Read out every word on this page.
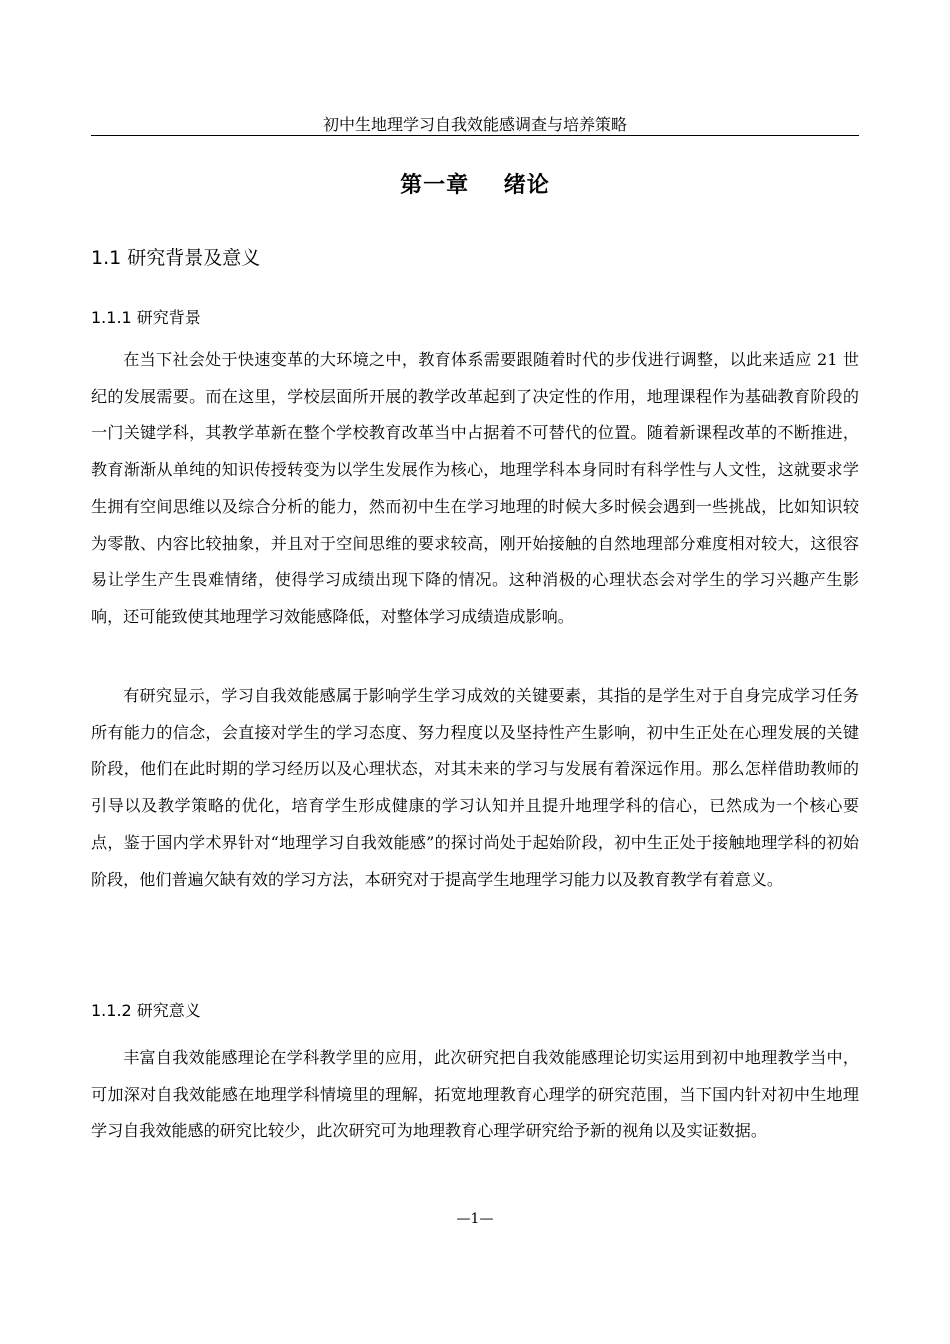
初中生地理学习自我效能感调查与培养策略
第一章    绪论
1.1 研究背景及意义
1.1.1 研究背景

在当下社会处于快速变革的大环境之中，教育体系需要跟随着时代的步伐进行调整，以此来适应 21 世纪的发展需要。而在这里，学校层面所开展的教学改革起到了决定性的作用，地理课程作为基础教育阶段的一门关键学科，其教学革新在整个学校教育改革当中占据着不可替代的位置。随着新课程改革的不断推进，教育渐渐从单纯的知识传授转变为以学生发展作为核心，地理学科本身同时有科学性与人文性，这就要求学生拥有空间思维以及综合分析的能力，然而初中生在学习地理的时候大多时候会遇到一些挑战，比如知识较为零散、内容比较抽象，并且对于空间思维的要求较高，刚开始接触的自然地理部分难度相对较大，这很容易让学生产生畏难情绪，使得学习成绩出现下降的情况。这种消极的心理状态会对学生的学习兴趣产生影响，还可能致使其地理学习效能感降低，对整体学习成绩造成影响。

有研究显示，学习自我效能感属于影响学生学习成效的关键要素，其指的是学生对于自身完成学习任务所有能力的信念，会直接对学生的学习态度、努力程度以及坚持性产生影响，初中生正处在心理发展的关键阶段，他们在此时期的学习经历以及心理状态，对其未来的学习与发展有着深远作用。那么怎样借助教师的引导以及教学策略的优化，培育学生形成健康的学习认知并且提升地理学科的信心，已然成为一个核心要点，鉴于国内学术界针对“地理学习自我效能感”的探讨尚处于起始阶段，初中生正处于接触地理学科的初始阶段，他们普遍欠缺有效的学习方法，本研究对于提高学生地理学习能力以及教育教学有着意义。

1.1.2 研究意义

丰富自我效能感理论在学科教学里的应用，此次研究把自我效能感理论切实运用到初中地理教学当中，可加深对自我效能感在地理学科情境里的理解，拓宽地理教育心理学的研究范围，当下国内针对初中生地理学习自我效能感的研究比较少，此次研究可为地理教育心理学研究给予新的视角以及实证数据。

—1—
